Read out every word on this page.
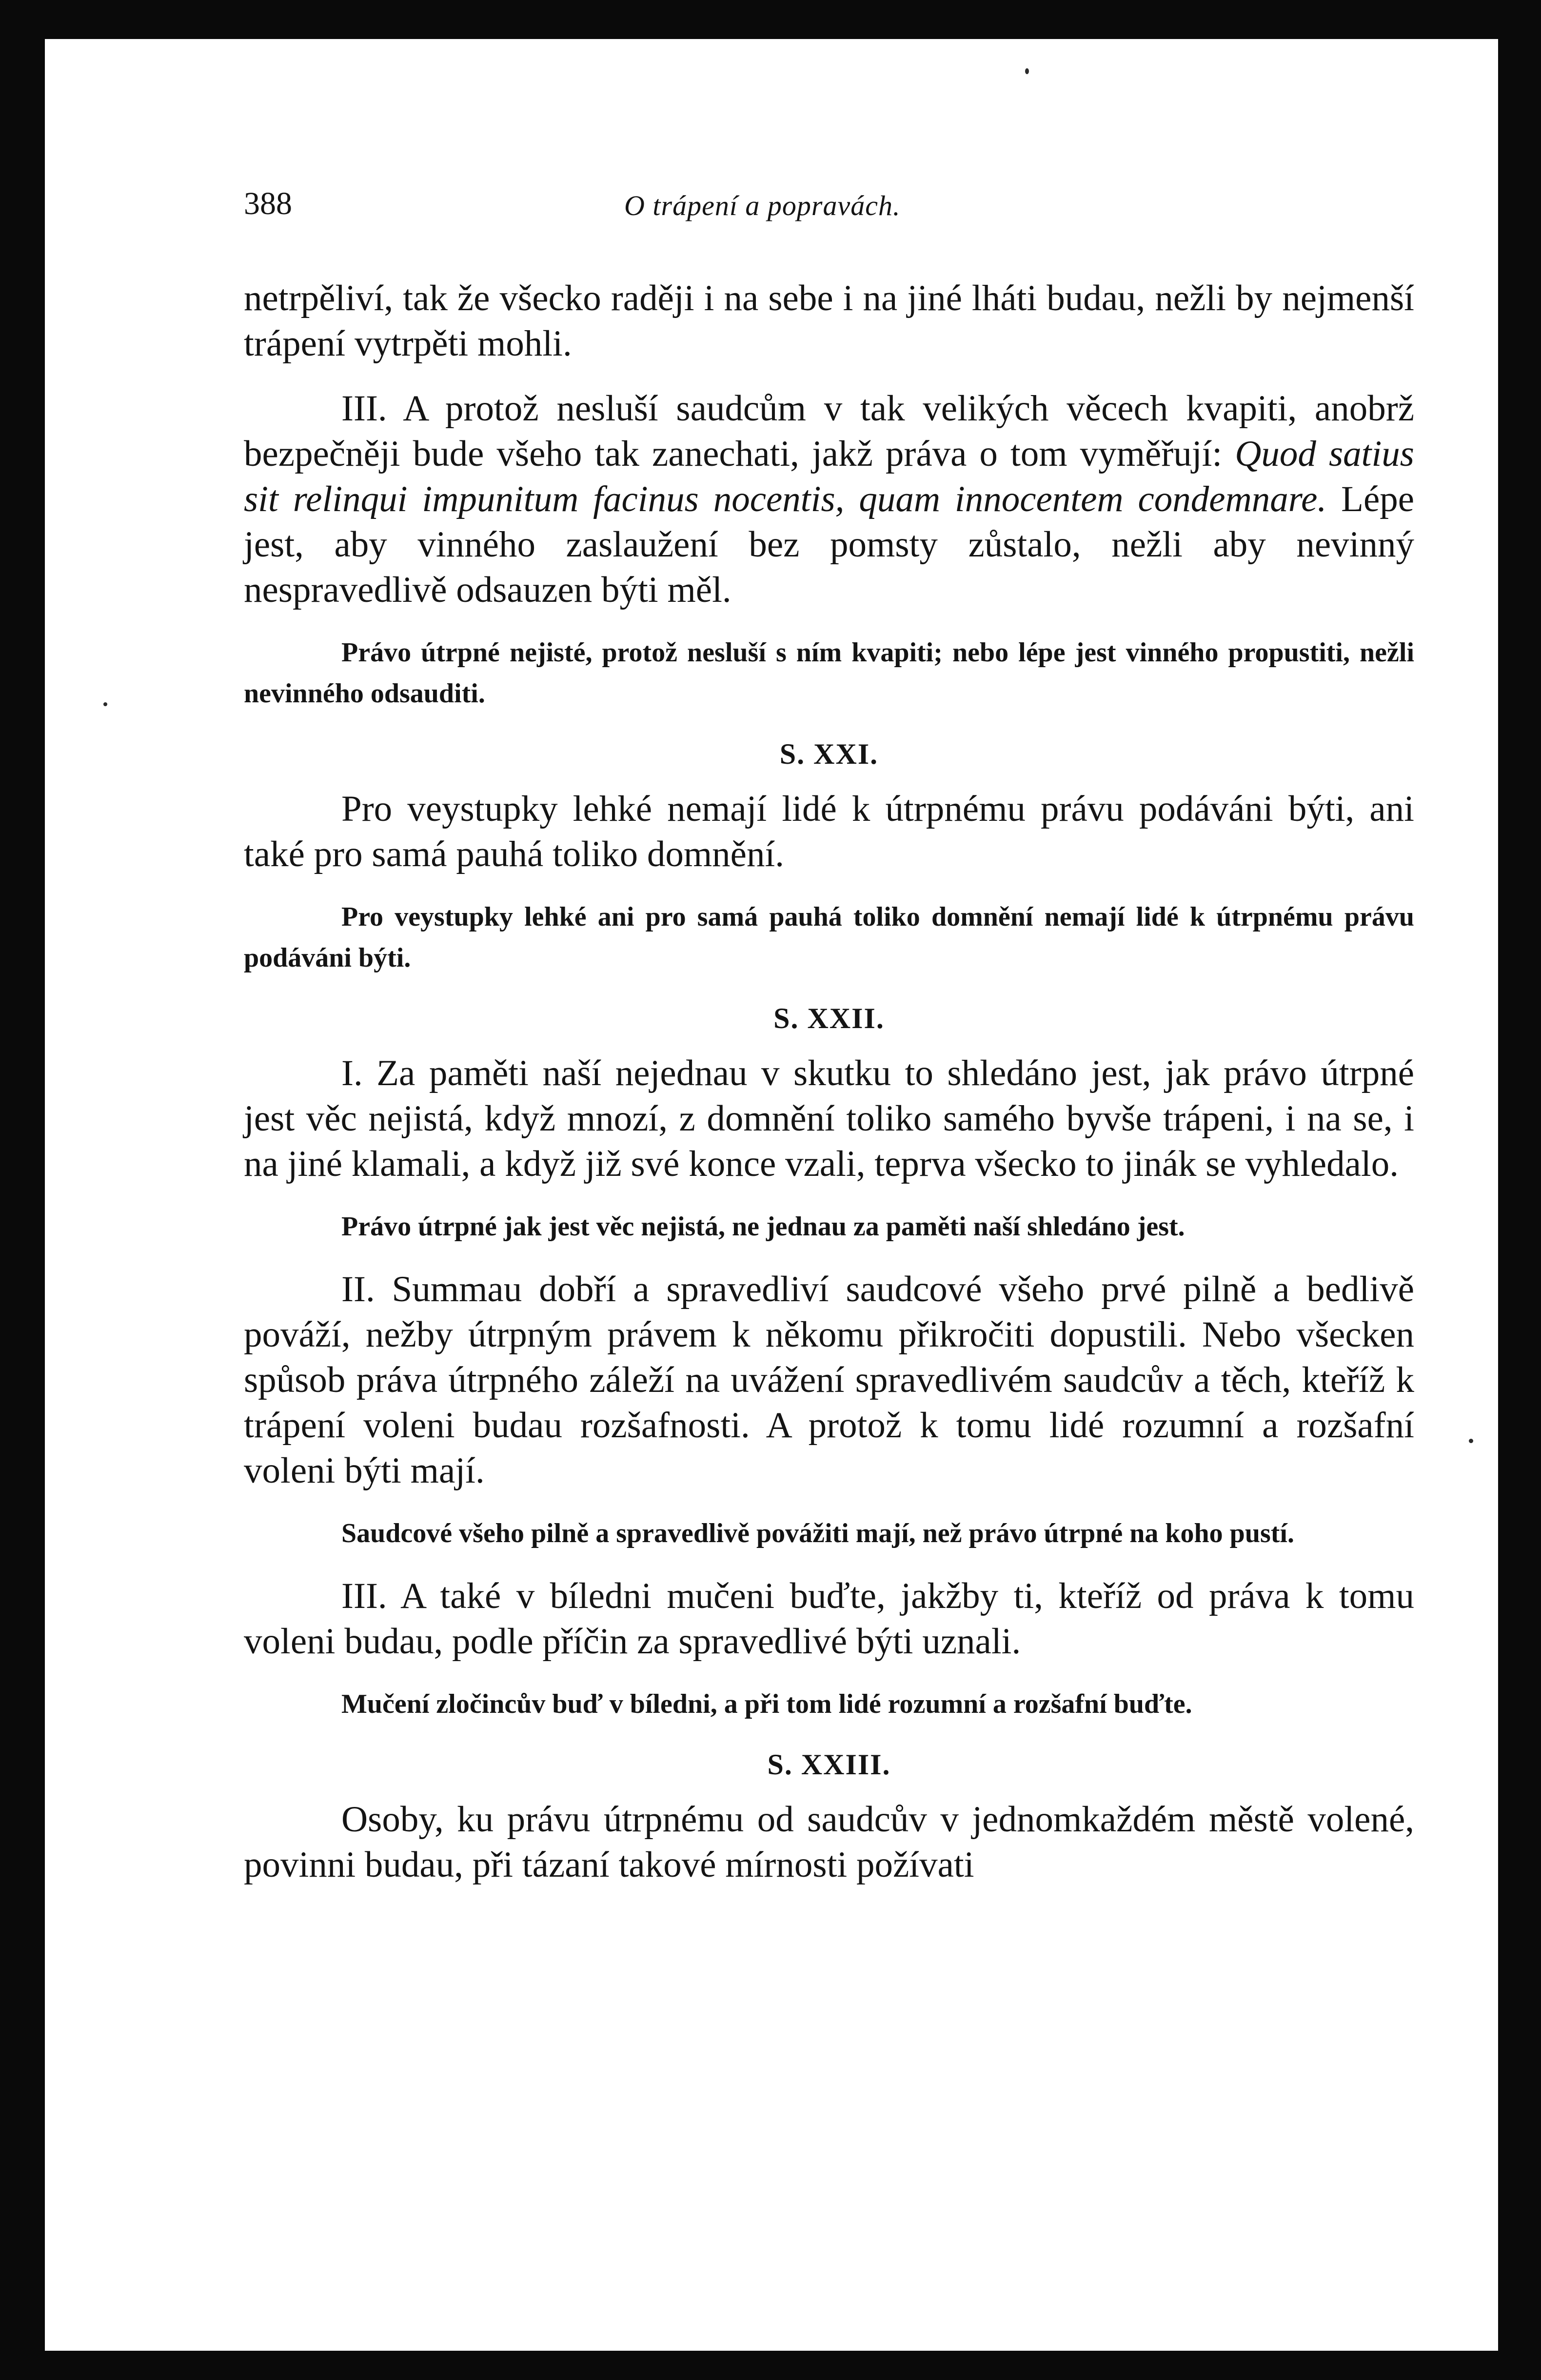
388	O trápení a popravách.

netrpěliví, tak že všecko raději i na sebe i na jiné lháti budau, nežli by nejmenší trápení vytrpěti mohli.

III. A protož nesluší saudcům v tak velikých věcech kvapiti, anobrž bezpečněji bude všeho tak zanechati, jakž práva o tom vyměřují: Quod satius sit relinqui impunitum facinus nocentis, quam innocentem condemnare. Lépe jest, aby vinného zaslaužení bez pomsty zůstalo, nežli aby nevinný nespravedlivě odsauzen býti měl.

Právo útrpné nejisté, protož nesluší s ním kvapiti; nebo lépe jest vinného propustiti, nežli nevinného odsauditi.

S. XXI.

Pro veystupky lehké nemají lidé k útrpnému právu podáváni býti, ani také pro samá pauhá toliko domnění.

Pro veystupky lehké ani pro samá pauhá toliko domnění nemají lidé k útrpnému právu podáváni býti.

S. XXII.

I. Za paměti naší nejednau v skutku to shledáno jest, jak právo útrpné jest věc nejistá, když mnozí, z domnění toliko samého byvše trápeni, i na se, i na jiné klamali, a když již své konce vzali, teprva všecko to jinák se vyhledalo.

Právo útrpné jak jest věc nejistá, ne jednau za paměti naší shledáno jest.

II. Summau dobří a spravedliví saudcové všeho prvé pilně a bedlivě pováží, nežby útrpným právem k někomu přikročiti dopustili. Nebo všecken spůsob práva útrpného záleží na uvážení spravedlivém saudcův a těch, kteříž k trápení voleni budau rozšafnosti. A protož k tomu lidé rozumní a rozšafní voleni býti mají.

Saudcové všeho pilně a spravedlivě povážiti mají, než právo útrpné na koho pustí.

III. A také v bíledni mučeni buďte, jakžby ti, kteříž od práva k tomu voleni budau, podle příčin za spravedlivé býti uznali.

Mučení zločincův buď v bíledni, a při tom lidé rozumní a rozšafní buďte.

S. XXIII.

Osoby, ku právu útrpnému od saudcův v jednomkaždém městě volené, povinni budau, při tázaní takové mírnosti požívati
